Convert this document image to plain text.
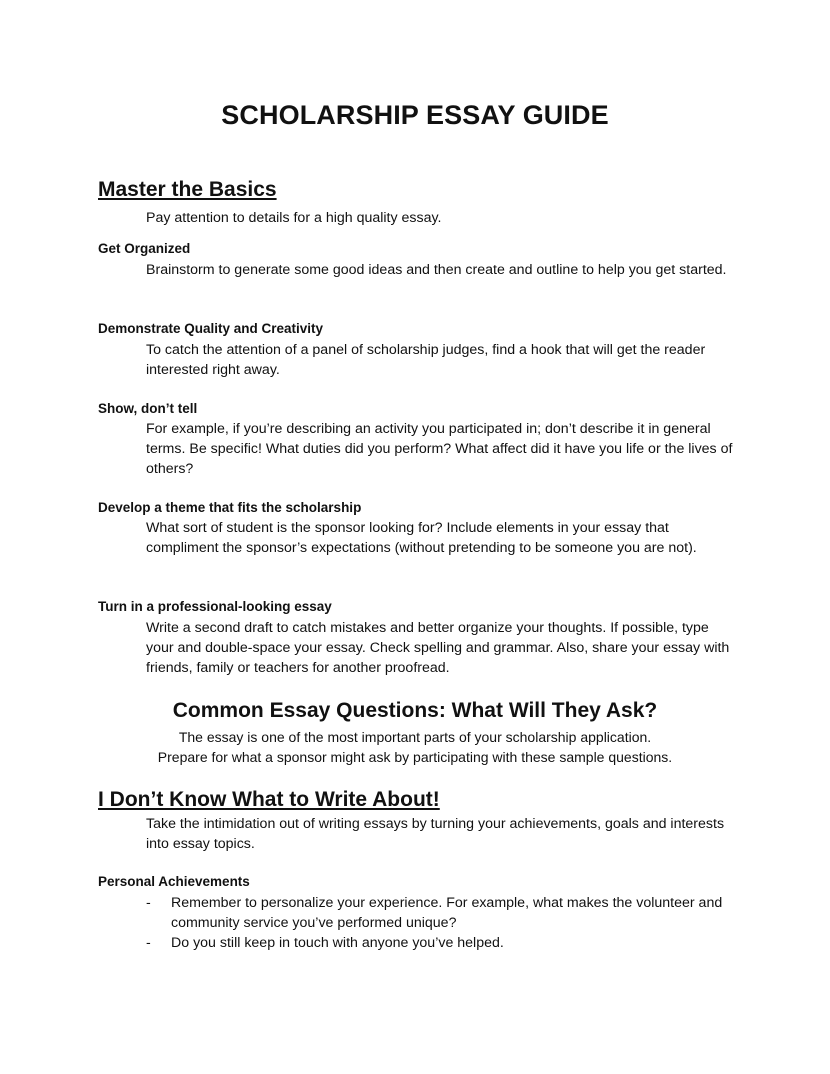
SCHOLARSHIP ESSAY GUIDE
Master the Basics

Pay attention to details for a high quality essay.

Get Organized

Brainstorm to generate some good ideas and then create and outline to help you get started.

Demonstrate Quality and Creativity

To catch the attention of a panel of scholarship judges, find a hook that will get the reader interested right away.

Show, don’t tell

For example, if you’re describing an activity you participated in; don’t describe it in general terms. Be specific! What duties did you perform? What affect did it have you life or the lives of others?

Develop a theme that fits the scholarship

What sort of student is the sponsor looking for? Include elements in your essay that compliment the sponsor’s expectations (without pretending to be someone you are not).

Turn in a professional-looking essay

Write a second draft to catch mistakes and better organize your thoughts. If possible, type your and double-space your essay. Check spelling and grammar. Also, share your essay with friends, family or teachers for another proofread.

Common Essay Questions: What Will They Ask?

The essay is one of the most important parts of your scholarship application.

Prepare for what a sponsor might ask by participating with these sample questions.

I Don’t Know What to Write About!

Take the intimidation out of writing essays by turning your achievements, goals and interests into essay topics.

Personal Achievements
- Remember to personalize your experience. For example, what makes the volunteer and community service you’ve performed unique?
- Do you still keep in touch with anyone you’ve helped.
